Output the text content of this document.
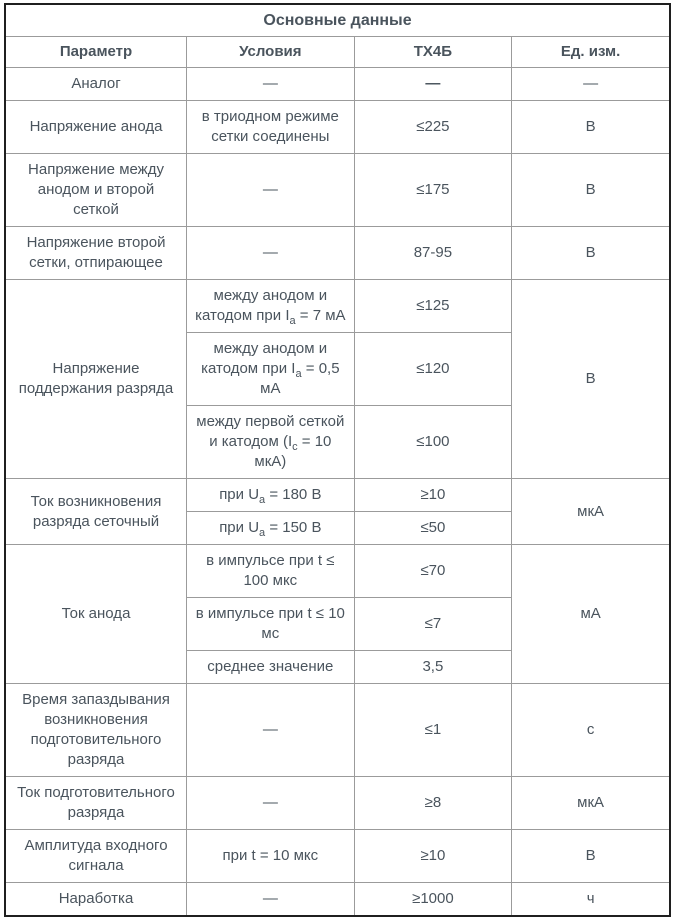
Основные данные			
Параметр	Условия	ТХ4Б	Ед. изм.
Аналог	—	—	—
Напряжение анода	в триодном режиме сетки соединены	≤225	В
Напряжение между анодом и второй сеткой	—	≤175	В
Напряжение второй сетки, отпирающее	—	87-95	В
Напряжение поддержания разряда	между анодом и катодом при $I_а = 7$ мА	≤125	В
	между анодом и катодом при $I_а = 0,5$ мА	≤120	
	между первой сеткой и катодом ($I_с = 10$ мкА)	≤100	
Ток возникновения разряда сеточный	при $U_а = 180$ В	≥10	мкА
	при $U_а = 150$ В	≤50	
Ток анода	в импульсе при t ≤ 100 мкс	≤70	мА
	в импульсе при t ≤ 10 мс	≤7	
	среднее значение	3,5	
Время запаздывания возникновения подготовительного разряда	—	≤1	с
Ток подготовительного разряда	—	≥8	мкА
Амплитуда входного сигнала	при t = 10 мкс	≥10	В
Наработка	—	≥1000	ч
